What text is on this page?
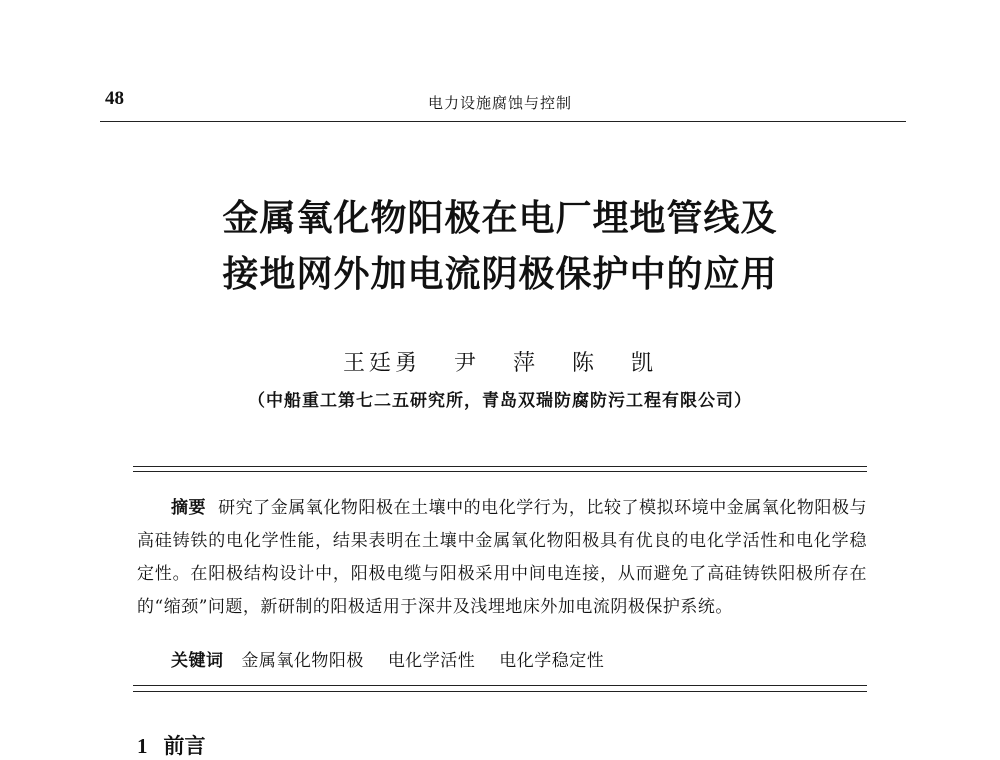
48	电力设施腐蚀与控制
金属氧化物阳极在电厂埋地管线及
接地网外加电流阴极保护中的应用
王廷勇 尹 萍 陈 凯
（中船重工第七二五研究所，青岛双瑞防腐防污工程有限公司）
摘要 研究了金属氧化物阳极在土壤中的电化学行为，比较了模拟环境中金属氧化物阳极与高硅铸铁的电化学性能，结果表明在土壤中金属氧化物阳极具有优良的电化学活性和电化学稳定性。在阳极结构设计中，阳极电缆与阳极采用中间电连接，从而避免了高硅铸铁阳极所存在的“缩颈”问题，新研制的阳极适用于深井及浅埋地床外加电流阴极保护系统。
关键词 金属氧化物阳极 电化学活性 电化学稳定性
1 前言
